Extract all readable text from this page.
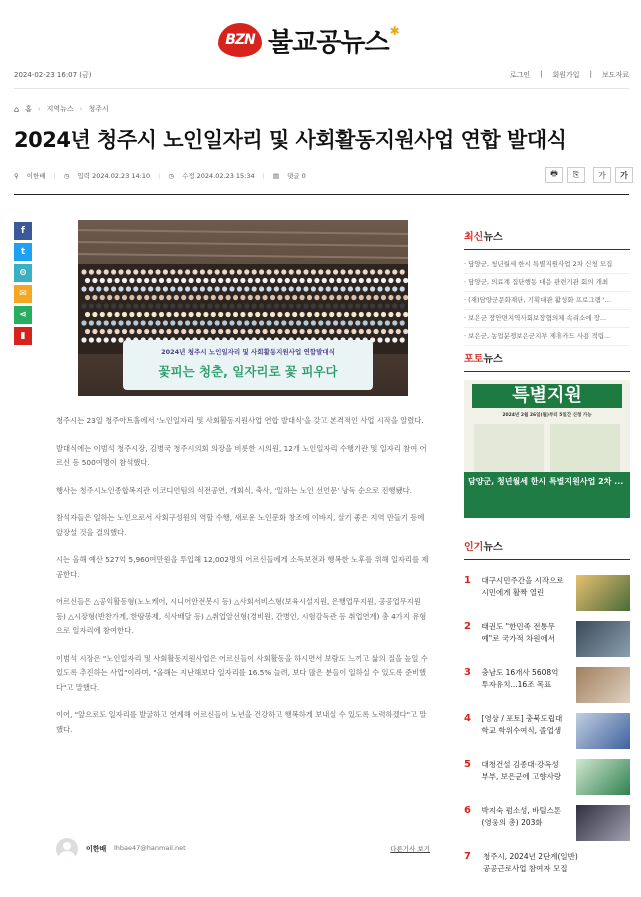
BZN 불교공뉴스 ✱
2024-02-23 16:07 (금)	로그인 | 회원가입 | 보도자료
⌂ 홈 › 지역뉴스 › 청주시
2024년 청주시 노인일자리 및 사회활동지원사업 연합 발대식
⚲ 이한배 | ◷ 입력 2024.02.23 14:10 | ◷ 수정 2024.02.23 15:34 | ▤ 댓글 0	🖶	⎘	가	가
f
t
⊖
✉
⋖
▮
2024년 청주시 노인일자리 및 사회활동지원사업 연합발대식
꽃피는 청춘, 일자리로 꽃 피우다

청주시는 23일 청주아트홀에서 '노인일자리 및 사회활동지원사업 연합 발대식'을 갖고 본격적인 사업 시작을 알렸다.

발대식에는 이범석 청주시장, 김병국 청주시의회 의장을 비롯한 시의원, 12개 노인일자리 수행기관 및 일자리 참여 어르신 등 500여명이 참석했다.

행사는 청주시노인종합복지관 이코디언팀의 식전공연, 개회식, 축사, '일하는 노인 선언문' 낭독 순으로 진행됐다.

참석자들은 일하는 노인으로서 사회구성원의 역할 수행, 새로운 노인문화 창조에 이바지, 살기 좋은 지역 만들기 등에 앞장설 것을 결의했다.

시는 올해 예산 527억 5,960여만원을 투입해 12,002명의 어르신들에게 소득보전과 행복한 노후를 위해 일자리를 제공한다.

어르신들은 △공익활동형(노노케어, 시니어안전봇시 등) △사회서비스형(보육시설지원, 은행업무지원, 공공업무지원 등) △시장형(반찬가게, 한땀봉제, 식사배달 등) △취업알선형(경비원, 간병인, 시험감독관 등 취업연계) 총 4가지 유형으로 일자리에 참여한다.

이범석 시장은 "노인일자리 및 사회활동지원사업은 어르신들이 사회활동을 하시면서 보람도 느끼고 삶의 질을 높일 수 있도록 추진하는 사업"이라며, "올해는 지난해보다 일자리를 16.5% 늘려, 보다 많은 분들이 일하실 수 있도록 준비했다"고 말했다.

이어, "앞으로도 일자리를 발굴하고 연계해 어르신들이 노년을 건강하고 행복하게 보내실 수 있도록 노력하겠다"고 말했다.

이한배 lhbae47@hanmail.net	다른기사 보기
최신뉴스
· 담양군, 청년월세 한시 특별지원사업 2차 신청 모집
· 담양군, 의료계 집단행동 대응 관련기관 회의 개최
· (재)담양군문화재단, 기획대관 활성화 프로그램 '...
· 보은군 장안면지역사회보장협의체 속리소에 장...
· 보은군, 농업분쟁보은군지부 제휴카드 사용 적립...
포토뉴스
특별지원
2024년 2월 26일(월)부터 5일간 신청 가능
담양군, 청년월세 한시 특별지원사업 2차 ...
인기뉴스
1	대구시민주간을 시작으로 시민에게 활짝 열린
2	태권도 "한민족 전통무예"로 국가적 차원에서
3	충남도 16개사 5608억 투자유치...16조 목표
4	[영상 / 포토] 충북도립대학교 학위수여식, 졸업생
5	대청건설 김종대·강옥성 부부, 보은군에 고향사랑
6	박지숙 펌소성, 바틸스톤 (영웅의 총) 203화
7	청주시, 2024년 2단계(일반) 공공근로사업 참여자 모집
